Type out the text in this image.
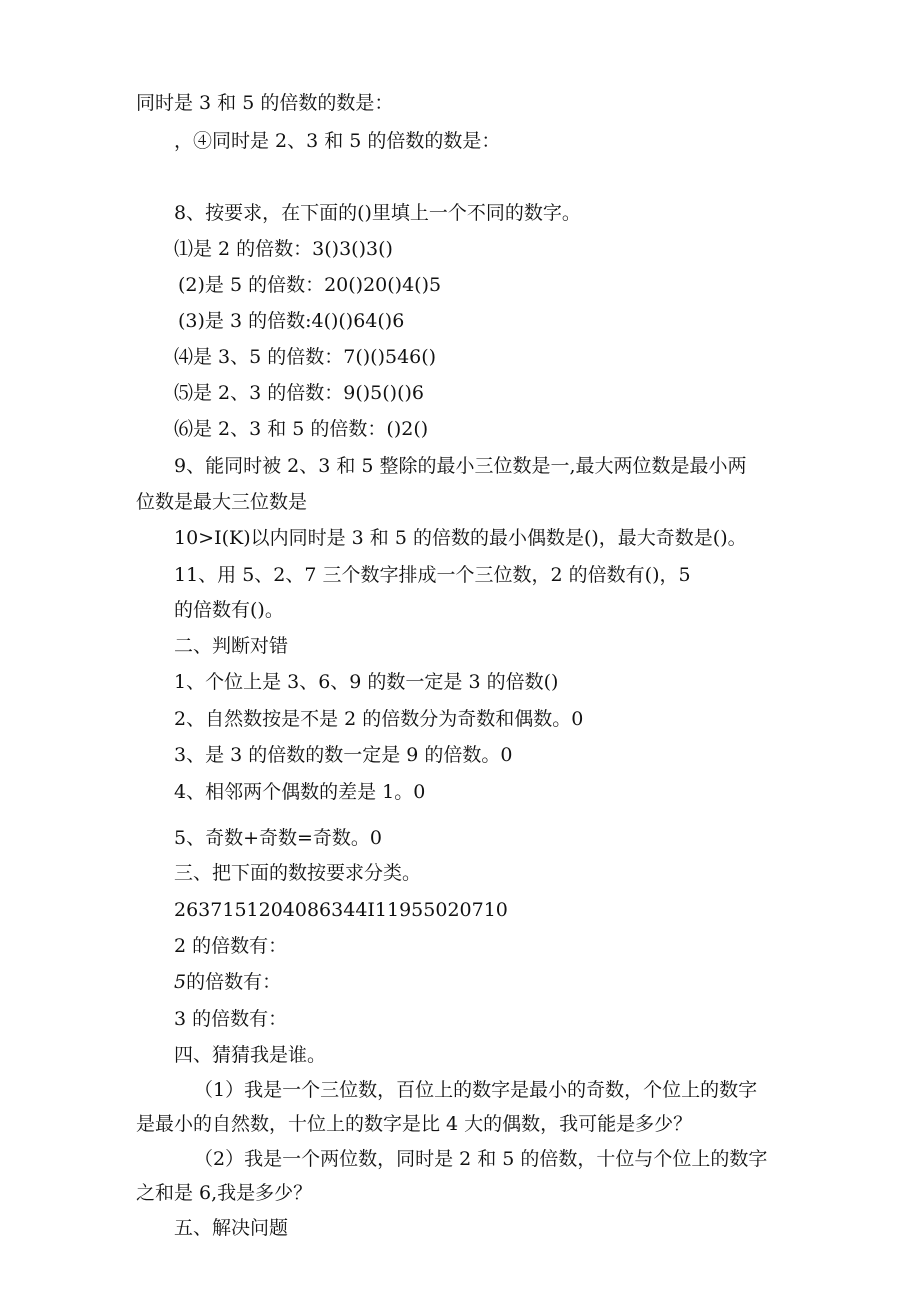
同时是 3 和 5 的倍数的数是：
，④同时是 2、3 和 5 的倍数的数是：
8、按要求，在下面的()里填上一个不同的数字。
⑴是 2 的倍数：3()3()3()
(2)是 5 的倍数：20()20()4()5
(3)是 3 的倍数:4()()64()6
⑷是 3、5 的倍数：7()()546()
⑸是 2、3 的倍数：9()5()()6
⑹是 2、3 和 5 的倍数：()2()
9、能同时被 2、3 和 5 整除的最小三位数是一,最大两位数是最小两
位数是最大三位数是
10>I(K)以内同时是 3 和 5 的倍数的最小偶数是()，最大奇数是()。
11、用 5、2、7 三个数字排成一个三位数，2 的倍数有()，5
的倍数有()。
二、判断对错
1、个位上是 3、6、9 的数一定是 3 的倍数()
2、自然数按是不是 2 的倍数分为奇数和偶数。0
3、是 3 的倍数的数一定是 9 的倍数。0
4、相邻两个偶数的差是 1。0
5、奇数+奇数=奇数。0
三、把下面的数按要求分类。
2637151204086344I11955020710
2 的倍数有：
5的倍数有：
3 的倍数有：
四、猜猜我是谁。
（1）我是一个三位数，百位上的数字是最小的奇数，个位上的数字
是最小的自然数，十位上的数字是比 4 大的偶数，我可能是多少？
（2）我是一个两位数，同时是 2 和 5 的倍数，十位与个位上的数字
之和是 6,我是多少？
五、解决问题
